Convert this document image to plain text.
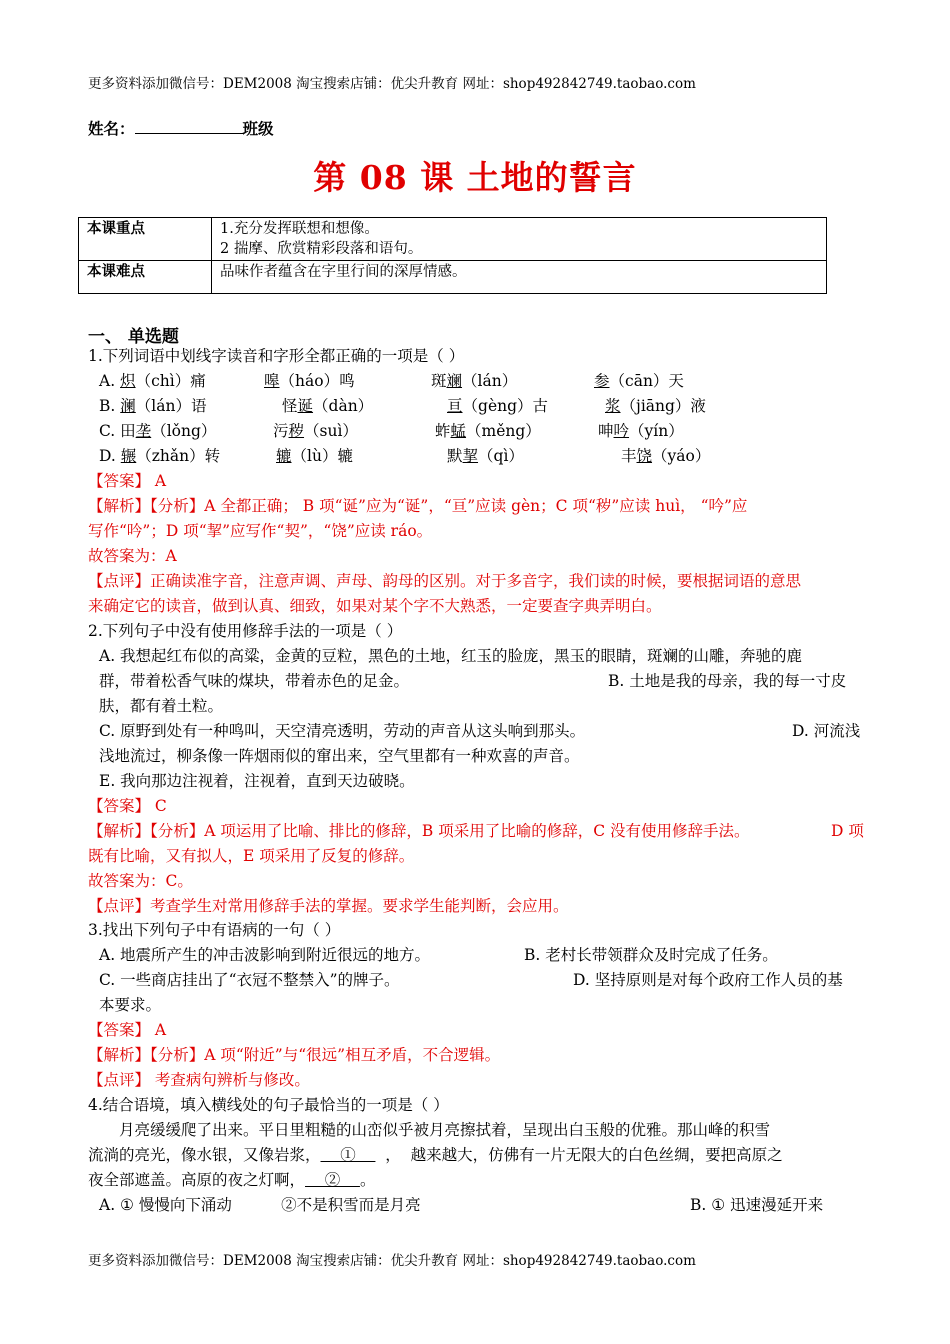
更多资料添加微信号：DEM2008 淘宝搜索店铺：优尖升教育 网址：shop492842749.taobao.com
姓名：	班级
第 08 课 土地的誓言
本课重点	1.充分发挥联想和想像。
2 揣摩、欣赏精彩段落和语句。

本课难点	品味作者蕴含在字里行间的深厚情感。
一、 单选题
1.下列词语中划线字读音和字形全都正确的一项是（ ）
A. 炽（chì）痛	嗥（háo）鸣	斑斓（lán）	参（cān）天
B. 澜（lán）语	怪诞（dàn）	亘（gèng）古	浆（jiāng）液
C. 田垄（lǒng）	污秽（suì）	蚱蜢（měng）	呻吟（yín）
D. 辗（zhǎn）转	辘（lù）辘	默挈（qì）	丰饶（yáo）
【答案】 A
【解析】【分析】A 全都正确； B 项“诞”应为“诞”，“亘”应读 gèn；C 项“秽”应读 huì， “吟”应
写作“吟”；D 项“挈”应写作“契”，“饶”应读 ráo。
故答案为：A
【点评】正确读准字音，注意声调、声母、韵母的区别。对于多音字，我们读的时候，要根据词语的意思
来确定它的读音，做到认真、细致，如果对某个字不大熟悉，一定要查字典弄明白。
2.下列句子中没有使用修辞手法的一项是（ ）
A. 我想起红布似的高粱，金黄的豆粒，黑色的土地，红玉的脸庞，黑玉的眼睛，斑斓的山雕，奔驰的鹿
群，带着松香气味的煤块，带着赤色的足金。	B. 土地是我的母亲，我的每一寸皮
肤，都有着土粒。
C. 原野到处有一种鸣叫，天空清亮透明，劳动的声音从这头响到那头。	D. 河流浅
浅地流过，柳条像一阵烟雨似的窜出来，空气里都有一种欢喜的声音。
E. 我向那边注视着，注视着，直到天边破晓。
【答案】 C
【解析】【分析】A 项运用了比喻、排比的修辞，B 项采用了比喻的修辞，C 没有使用修辞手法。	D 项
既有比喻，又有拟人，E 项采用了反复的修辞。
故答案为：C。
【点评】考查学生对常用修辞手法的掌握。要求学生能判断，会应用。
3.找出下列句子中有语病的一句（ ）
A. 地震所产生的冲击波影响到附近很远的地方。	B. 老村长带领群众及时完成了任务。
C. 一些商店挂出了“衣冠不整禁入”的牌子。	D. 坚持原则是对每个政府工作人员的基
本要求。
【答案】 A
【解析】【分析】A 项“附近”与“很远”相互矛盾，不合逻辑。
【点评】 考查病句辨析与修改。
4.结合语境，填入横线处的句子最恰当的一项是（ ）
月亮缓缓爬了出来。平日里粗糙的山峦似乎被月亮擦拭着，呈现出白玉般的优雅。那山峰的积雪
流淌的亮光，像水银，又像岩浆，    ①      ，  越来越大，仿佛有一片无限大的白色丝绸，要把高原之
夜全部遮盖。高原的夜之灯啊，    ②    。
A. ① 慢慢向下涌动          ②不是积雪而是月亮	B. ① 迅速漫延开来
更多资料添加微信号：DEM2008 淘宝搜索店铺：优尖升教育 网址：shop492842749.taobao.com
